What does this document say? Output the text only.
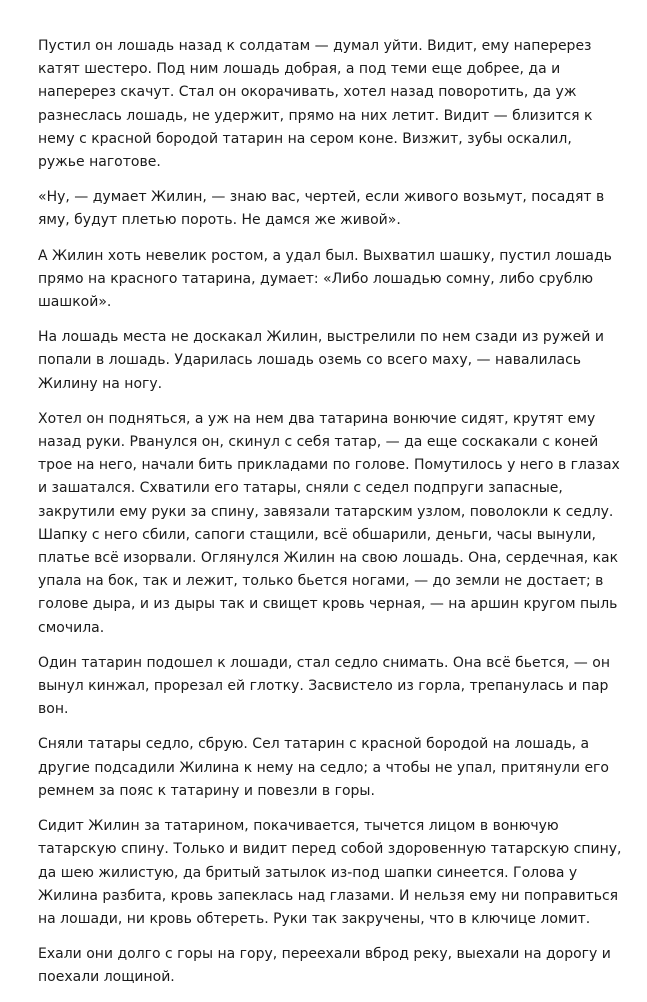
Пустил он лошадь назад к солдатам — думал уйти. Видит, ему наперерез катят шестеро. Под ним лошадь добрая, а под теми еще добрее, да и наперерез скачут. Стал он окорачивать, хотел назад поворотить, да уж разнеслась лошадь, не удержит, прямо на них летит. Видит — близится к нему с красной бородой татарин на сером коне. Визжит, зубы оскалил, ружье наготове.

«Ну, — думает Жилин, — знаю вас, чертей, если живого возьмут, посадят в яму, будут плетью пороть. Не дамся же живой».

А Жилин хоть невелик ростом, а удал был. Выхватил шашку, пустил лошадь прямо на красного татарина, думает: «Либо лошадью сомну, либо срублю шашкой».

На лошадь места не доскакал Жилин, выстрелили по нем сзади из ружей и попали в лошадь. Ударилась лошадь оземь со всего маху, — навалилась Жилину на ногу.

Хотел он подняться, а уж на нем два татарина вонючие сидят, крутят ему назад руки. Рванулся он, скинул с себя татар, — да еще соскакали с коней трое на него, начали бить прикладами по голове. Помутилось у него в глазах и зашатался. Схватили его татары, сняли с седел подпруги запасные, закрутили ему руки за спину, завязали татарским узлом, поволокли к седлу. Шапку с него сбили, сапоги стащили, всё обшарили, деньги, часы вынули, платье всё изорвали. Оглянулся Жилин на свою лошадь. Она, сердечная, как упала на бок, так и лежит, только бьется ногами, — до земли не достает; в голове дыра, и из дыры так и свищет кровь черная, — на аршин кругом пыль смочила.

Один татарин подошел к лошади, стал седло снимать. Она всё бьется, — он вынул кинжал, прорезал ей глотку. Засвистело из горла, трепанулась и пар вон.

Сняли татары седло, сбрую. Сел татарин с красной бородой на лошадь, а другие подсадили Жилина к нему на седло; а чтобы не упал, притянули его ремнем за пояс к татарину и повезли в горы.

Сидит Жилин за татарином, покачивается, тычется лицом в вонючую татарскую спину. Только и видит перед собой здоровенную татарскую спину, да шею жилистую, да бритый затылок из-под шапки синеется. Голова у Жилина разбита, кровь запеклась над глазами. И нельзя ему ни поправиться на лошади, ни кровь обтереть. Руки так закручены, что в ключице ломит.

Ехали они долго с горы на гору, переехали вброд реку, выехали на дорогу и поехали лощиной.
